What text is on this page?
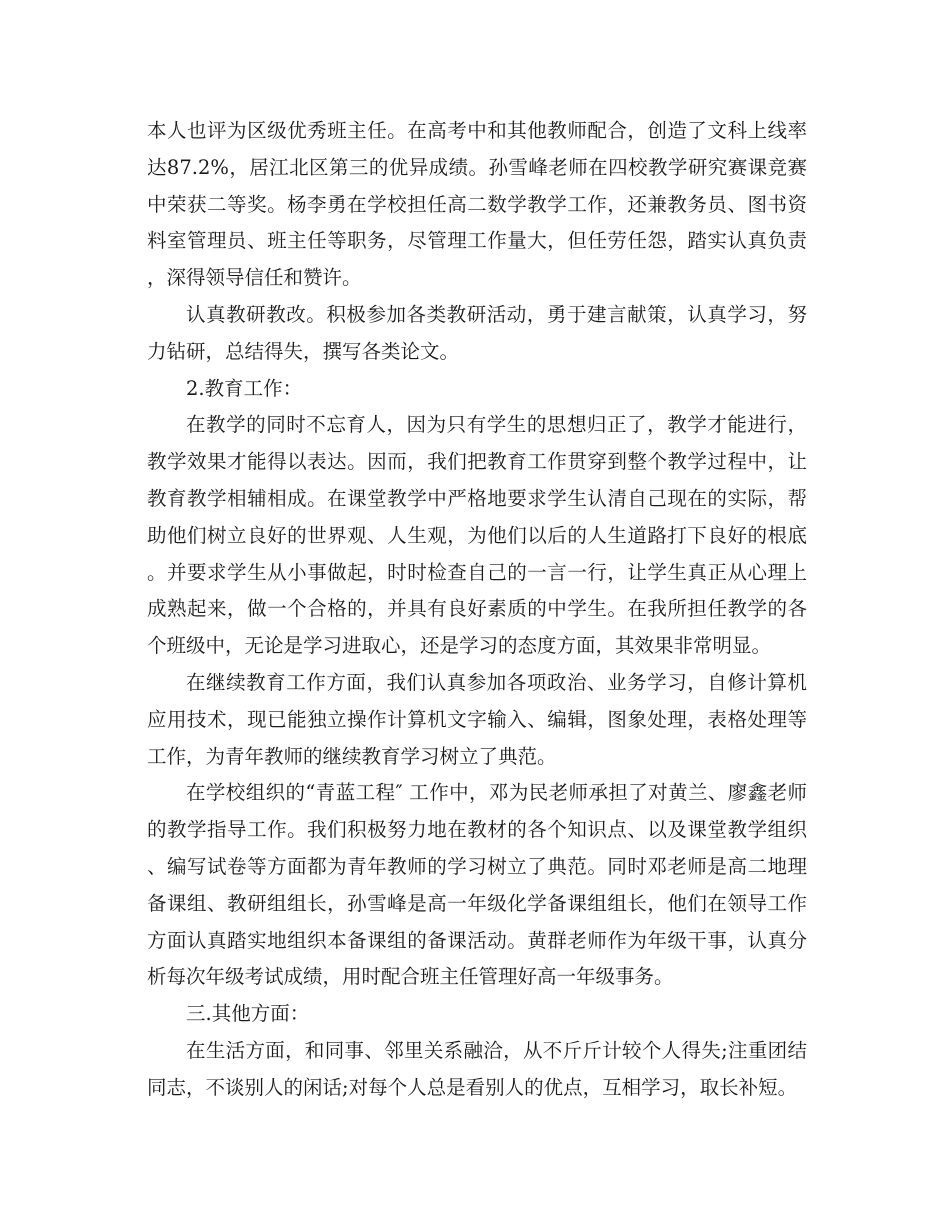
本人也评为区级优秀班主任。在高考中和其他教师配合，创造了文科上线率达87.2%，居江北区第三的优异成绩。孙雪峰老师在四校教学研究赛课竞赛中荣获二等奖。杨李勇在学校担任高二数学教学工作，还兼教务员、图书资料室管理员、班主任等职务，尽管理工作量大，但任劳任怨，踏实认真负责，深得领导信任和赞许。

认真教研教改。积极参加各类教研活动，勇于建言献策，认真学习，努力钻研，总结得失，撰写各类论文。

2.教育工作：

在教学的同时不忘育人，因为只有学生的思想归正了，教学才能进行，教学效果才能得以表达。因而，我们把教育工作贯穿到整个教学过程中，让教育教学相辅相成。在课堂教学中严格地要求学生认清自己现在的实际，帮助他们树立良好的世界观、人生观，为他们以后的人生道路打下良好的根底。并要求学生从小事做起，时时检查自己的一言一行，让学生真正从心理上成熟起来，做一个合格的，并具有良好素质的中学生。在我所担任教学的各个班级中，无论是学习进取心，还是学习的态度方面，其效果非常明显。

在继续教育工作方面，我们认真参加各项政治、业务学习，自修计算机应用技术，现已能独立操作计算机文字输入、编辑，图象处理，表格处理等工作，为青年教师的继续教育学习树立了典范。

在学校组织的“青蓝工程″ 工作中，邓为民老师承担了对黄兰、廖鑫老师的教学指导工作。我们积极努力地在教材的各个知识点、以及课堂教学组织、编写试卷等方面都为青年教师的学习树立了典范。同时邓老师是高二地理备课组、教研组组长，孙雪峰是高一年级化学备课组组长，他们在领导工作方面认真踏实地组织本备课组的备课活动。黄群老师作为年级干事，认真分析每次年级考试成绩，用时配合班主任管理好高一年级事务。

三.其他方面：

在生活方面，和同事、邻里关系融洽，从不斤斤计较个人得失;注重团结同志，不谈别人的闲话;对每个人总是看别人的优点，互相学习，取长补短。
